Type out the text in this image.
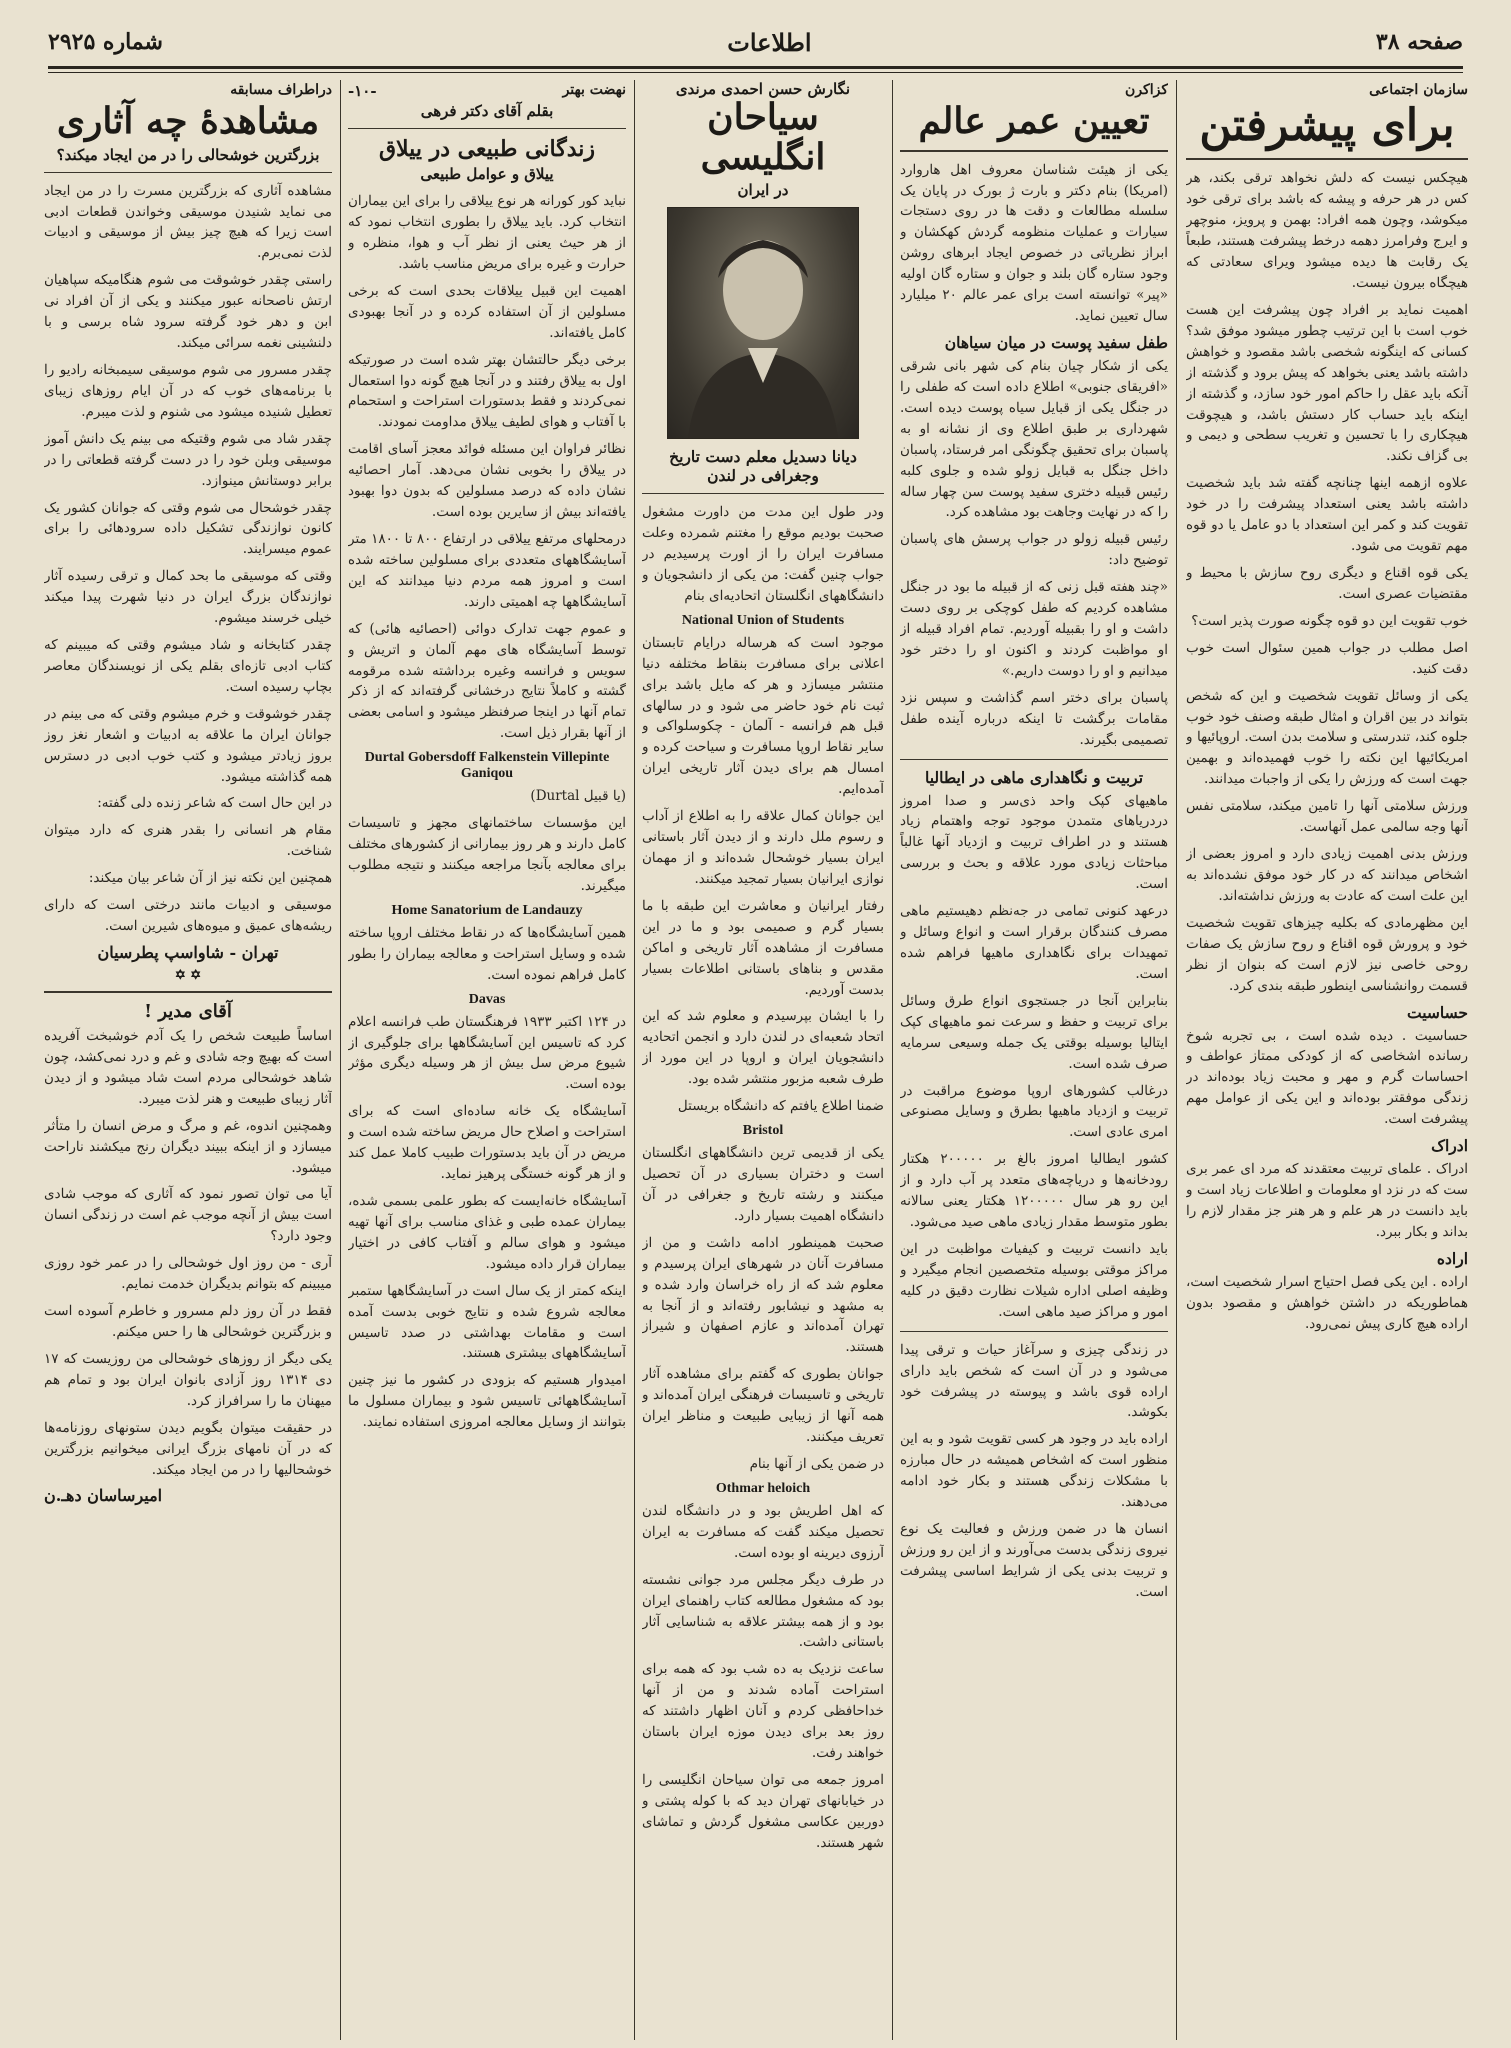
صفحه ۳۸
اطلاعات
شماره ۲۹۲۵
سازمان اجتماعی
برای پیشرفتن

هیچکس نیست که دلش نخواهد ترقی بکند، هر کس در هر حرفه و پیشه که باشد برای ترقی خود میکوشد، وچون همه افراد: بهمن و پرویز، منوچهر و ایرج وفرامرز دهمه درخط پیشرفت هستند، طبعاً یک رقابت ها دیده میشود ویرای سعادتی که هیچگاه بیرون نیست.

اهمیت نماید بر افراد چون پیشرفت این هست خوب است با این ترتیب چطور میشود موفق شد؟ کسانی که اینگونه شخصی باشد مقصود و خواهش داشته باشد یعنی بخواهد که پیش برود و گذشته از آنکه باید عقل را حاکم امور خود سازد، و گذشته از اینکه باید حساب کار دستش باشد، و هیچوقت هیچکاری را با تحسین و تغریب سطحی و دیمی و بی گزاف نکند.

علاوه ازهمه اینها چنانچه گفته شد باید شخصیت داشته باشد یعنی استعداد پیشرفت را در خود تقویت کند و کمر این استعداد با دو عامل یا دو قوه مهم تقویت می شود.

یکی قوه اقناع و دیگری روح سازش با محیط و مقتضیات عصری است.

خوب تقویت این دو قوه چگونه صورت پذیر است؟

اصل مطلب در جواب همین سئوال است خوب دقت کنید.

یکی از وسائل تقویت شخصیت و این که شخص بتواند در بین اقران و امثال طبقه وصنف خود خوب جلوه کند، تندرستی و سلامت بدن است. اروپائیها و امریکائیها این نکته را خوب فهمیده‌اند و بهمین جهت است که ورزش را یکی از واجبات میدانند.

ورزش سلامتی آنها را تامین میکند، سلامتی نفس آنها وجه سالمی عمل آنهاست.

ورزش بدنی اهمیت زیادی دارد و امروز بعضی از اشخاص میدانند که در کار خود موفق نشده‌اند به این علت است که عادت به ورزش نداشته‌اند.

این مظهرمادی که بکلیه چیزهای تقویت شخصیت خود و پرورش قوه اقناع و روح سازش یک صفات روحی خاصی نیز لازم است که بنوان از نظر قسمت روانشناسی اینطور طبقه بندی کرد.

حساسیت

حساسیت . دیده شده است ، بی تجربه شوخ رسانده اشخاصی که از کودکی ممتاز عواطف و احساسات گرم و مهر و محبت زیاد بوده‌اند در زندگی موفقتر بوده‌اند و این یکی از عوامل مهم پیشرفت است.

ادراک

ادراک . علمای تربیت معتقدند که مرد ای عمر بری ست که در نزد او معلومات و اطلاعات زیاد است و باید دانست در هر علم و هر هنر جز مقدار لازم را بداند و بکار ببرد.

اراده

اراده . این یکی فصل احتیاج اسرار شخصیت است، هماطوریکه در داشتن خواهش و مقصود بدون اراده هیچ کاری پیش نمی‌رود.

کزاکرن
تعیین عمر عالم

یکی از هیئت شناسان معروف اهل هاروارد (امریکا) بنام دکتر و بارت ژ بورک در پایان یک سلسله مطالعات و دقت ها در روی دستجات سیارات و عملیات منظومه گردش کهکشان و ابراز نظریاتی در خصوص ایجاد ابرهای روشن وجود ستاره گان بلند و جوان و ستاره گان اولیه «پیر» توانسته است برای عمر عالم ۲۰ میلیارد سال تعیین نماید.

طفل سفید پوست در میان سیاهان

یکی از شکار چیان بنام کی شهر بانی شرقی «افریقای جنوبی» اطلاع داده است که طفلی را در جنگل یکی از قبایل سیاه پوست دیده است. شهرداری بر طبق اطلاع وی از نشانه او به پاسبان برای تحقیق چگونگی امر فرستاد، پاسبان داخل جنگل به قبایل زولو شده و جلوی کلبه رئیس قبیله دختری سفید پوست سن چهار ساله را که در نهایت وجاهت بود مشاهده کرد.

رئیس قبیله زولو در جواب پرسش های پاسبان توضیح داد:

«چند هفته قبل زنی که از قبیله ما بود در جنگل مشاهده کردیم که طفل کوچکی بر روی دست داشت و او را بقبیله آوردیم. تمام افراد قبیله از او مواظبت کردند و اکنون او را دختر خود میدانیم و او را دوست داریم.»

پاسبان برای دختر اسم گذاشت و سپس نزد مقامات برگشت تا اینکه درباره آینده طفل تصمیمی بگیرند.

تربیت و نگاهداری ماهی در ایطالیا

ماهیهای کپک واحد ذی‌سر و صدا امروز دردریاهای متمدن موجود توجه واهتمام زیاد هستند و در اطراف تربیت و ازدیاد آنها غالباً مباحثات زیادی مورد علاقه و بحث و بررسی است.

درعهد کنونی تمامی در جه‌نظم دهیستیم ماهی مصرف کنندگان برقرار است و انواع وسائل و تمهیدات برای نگاهداری ماهیها فراهم شده است.

بنابراین آنجا در جستجوی انواع طرق وسائل برای تربیت و حفظ و سرعت نمو ماهیهای کپک ایتالیا بوسیله بوقتی یک جمله وسیعی سرمایه صرف شده است.

درغالب کشورهای اروپا موضوع مراقبت در تربیت و ازدیاد ماهیها بطرق و وسایل مصنوعی امری عادی است.

کشور ایطالیا امروز بالغ بر ۲۰۰۰۰۰ هکتار رودخانه‌ها و دریاچه‌های متعدد پر آب دارد و از این رو هر سال ۱۲۰۰۰۰۰ هکتار یعنی سالانه بطور متوسط مقدار زیادی ماهی صید می‌شود.

باید دانست تربیت و کیفیات مواظبت در این مراکز موقتی بوسیله متخصصین انجام میگیرد و وظیفه اصلی اداره شیلات نظارت دقیق در کلیه امور و مراکز صید ماهی است.

در زندگی چیزی و سرآغاز حیات و ترقی پیدا می‌شود و در آن است که شخص باید دارای اراده قوی باشد و پیوسته در پیشرفت خود بکوشد.

اراده باید در وجود هر کسی تقویت شود و به این منظور است که اشخاص همیشه در حال مبارزه با مشکلات زندگی هستند و بکار خود ادامه می‌دهند.

انسان ها در ضمن ورزش و فعالیت یک نوع نیروی زندگی بدست می‌آورند و از این رو ورزش و تربیت بدنی یکی از شرایط اساسی پیشرفت است.

نگارش حسن احمدی مرندی
سیاحان انگلیسی
در ایران
دیانا دسدیل معلم دست تاریخ وجغرافی در لندن

ودر طول این مدت من داورت مشغول صحبت بودیم موقع را مغتنم شمرده وعلت مسافرت ایران را از اورت پرسیدیم در جواب چنین گفت: من یکی از دانشجویان و دانشگاههای انگلستان اتحادیه‌ای بنام

National Union of Students

موجود است که هرساله درایام تابستان اعلانی برای مسافرت بنقاط مختلفه دنیا منتشر میسازد و هر که مایل باشد برای ثبت نام خود حاضر می شود و در سالهای قبل هم فرانسه - آلمان - چکوسلواکی و سایر نقاط اروپا مسافرت و سیاحت کرده و امسال هم برای دیدن آثار تاریخی ایران آمده‌ایم.

این جوانان کمال علاقه را به اطلاع از آداب و رسوم ملل دارند و از دیدن آثار باستانی ایران بسیار خوشحال شده‌اند و از مهمان نوازی ایرانیان بسیار تمجید میکنند.

رفتار ایرانیان و معاشرت این طبقه با ما بسیار گرم و صمیمی بود و ما در این مسافرت از مشاهده آثار تاریخی و اماکن مقدس و بناهای باستانی اطلاعات بسیار بدست آوردیم.

را با ایشان بپرسیدم و معلوم شد که این اتحاد شعبه‌ای در لندن دارد و انجمن اتحادیه دانشجویان ایران و اروپا در این مورد از طرف شعبه مزبور منتشر شده بود.

ضمنا اطلاع یافتم که دانشگاه بریستل

Bristol

یکی از قدیمی ترین دانشگاههای انگلستان است و دختران بسیاری در آن تحصیل میکنند و رشته تاریخ و جغرافی در آن دانشگاه اهمیت بسیار دارد.

صحبت همینطور ادامه داشت و من از مسافرت آنان در شهرهای ایران پرسیدم و معلوم شد که از راه خراسان وارد شده و به مشهد و نیشابور رفته‌اند و از آنجا به تهران آمده‌اند و عازم اصفهان و شیراز هستند.

جوانان بطوری که گفتم برای مشاهده آثار تاریخی و تاسیسات فرهنگی ایران آمده‌اند و همه آنها از زیبایی طبیعت و مناظر ایران تعریف میکنند.

در ضمن یکی از آنها بنام

Othmar heloich

که اهل اطریش بود و در دانشگاه لندن تحصیل میکند گفت که مسافرت به ایران آرزوی دیرینه او بوده است.

در طرف دیگر مجلس مرد جوانی نشسته بود که مشغول مطالعه کتاب راهنمای ایران بود و از همه بیشتر علاقه به شناسایی آثار باستانی داشت.

ساعت نزدیک به ده شب بود که همه برای استراحت آماده شدند و من از آنها خداحافظی کردم و آنان اظهار داشتند که روز بعد برای دیدن موزه ایران باستان خواهند رفت.

امروز جمعه می‌ توان سیاحان انگلیسی را در خیابانهای تهران دید که با کوله پشتی و دوربین عکاسی مشغول گردش و تماشای شهر هستند.

نهضت بهتر
-۱۰-
بقلم آقای دکتر فرهی
زندگانی طبیعی در ییلاق
ییلاق و عوامل طبیعی

نباید کور کورانه هر نوع ییلاقی را برای این بیماران انتخاب کرد. باید ییلاق را بطوری انتخاب نمود که از هر حیث یعنی از نظر آب و هوا، منظره و حرارت و غیره برای مریض مناسب باشد.

اهمیت این قبیل ییلاقات بحدی است که برخی مسلولین از آن استفاده کرده و در آنجا بهبودی کامل یافته‌اند.

برخی دیگر حالتشان بهتر شده است در صورتیکه اول به ییلاق رفتند و در آنجا هیچ گونه دوا استعمال نمی‌کردند و فقط بدستورات استراحت و استحمام با آفتاب و هوای لطیف ییلاق مداومت نمودند.

نظائر فراوان این مسئله فوائد معجز آسای اقامت در ییلاق را بخوبی نشان می‌دهد. آمار احصائیه نشان داده که درصد مسلولین که بدون دوا بهبود یافته‌اند بیش از سایرین بوده است.

درمحلهای مرتفع ییلاقی در ارتفاع ۸۰۰ تا ۱۸۰۰ متر آسایشگاههای متعددی برای مسلولین ساخته شده است و امروز همه مردم دنیا میدانند که این آسایشگاهها چه اهمیتی دارند.

و عموم جهت تدارک دوائی (احصائیه هائی) که توسط آسایشگاه های مهم آلمان و اتریش و سویس و فرانسه وغیره برداشته شده مرقومه گشته و کاملاً نتایج درخشانی گرفته‌اند که از ذکر تمام آنها در اینجا صرفنظر میشود و اسامی بعضی از آنها بقرار ذیل است.

Durtal Gobersdoff Falkenstein Villepinte Ganiqou

(یا قبیل Durtal)

این مؤسسات ساختمانهای مجهز و تاسیسات کامل دارند و هر روز بیمارانی از کشورهای مختلف برای معالجه بآنجا مراجعه میکنند و نتیجه مطلوب میگیرند.

Home Sanatorium de Landauzy

همین آسایشگاه‌ها که در نقاط مختلف اروپا ساخته شده و وسایل استراحت و معالجه بیماران را بطور کامل فراهم نموده است.

Davas

در ۱۲۴ اکتبر ۱۹۳۳ فرهنگستان طب فرانسه اعلام کرد که تاسیس این آسایشگاهها برای جلوگیری از شیوع مرض سل بیش از هر وسیله دیگری مؤثر بوده است.

آسایشگاه یک خانه ساده‌ای است که برای استراحت و اصلاح حال مریض ساخته شده است و مریض در آن باید بدستورات طبیب کاملا عمل کند و از هر گونه خستگی پرهیز نماید.

آسایشگاه خانه‌ایست که بطور علمی بسمی شده، بیماران عمده طبی و غذای مناسب برای آنها تهیه میشود و هوای سالم و آفتاب کافی در اختیار بیماران قرار داده میشود.

اینکه کمتر از یک سال است در آسایشگاهها ستمبر معالجه شروع شده و نتایج خوبی بدست آمده است و مقامات بهداشتی در صدد تاسیس آسایشگاههای بیشتری هستند.

امیدوار هستیم که بزودی در کشور ما نیز چنین آسایشگاههائی تاسیس شود و بیماران مسلول ما بتوانند از وسایل معالجه امروزی استفاده نمایند.

دراطراف مسابقه
مشاهدهٔ چه آثاری
بزرگترین خوشحالی را در من ایجاد میکند؟

مشاهده آثاری که بزرگترین مسرت را در من ایجاد می نماید شنیدن موسیقی وخواندن قطعات ادبی است زیرا که هیچ چیز بیش از موسیقی و ادبیات لذت نمی‌برم.

راستی چقدر خوشوقت می شوم هنگامیکه سپاهیان ارتش ناصحانه عبور میکنند و یکی از آن افراد نی ابن و دهر خود گرفته سرود شاه برسی و با دلنشینی نغمه سرائی میکند.

چقدر مسرور می شوم موسیقی سیمبخانه رادیو را با برنامه‌های خوب که در آن ایام روزهای زیبای تعطیل شنیده میشود می شنوم و لذت میبرم.

چقدر شاد می شوم وقتیکه می بینم یک دانش آموز موسیقی وبلن خود را در دست گرفته قطعاتی را در برابر دوستانش مینوازد.

چقدر خوشحال می شوم وقتی که جوانان کشور یک کانون نوازندگی تشکیل داده سرودهائی را برای عموم میسرایند.

وقتی که موسیقی ما بحد کمال و ترقی رسیده آثار نوازندگان بزرگ ایران در دنیا شهرت پیدا میکند خیلی خرسند میشوم.

چقدر کتابخانه و شاد میشوم وقتی که میبینم که کتاب ادبی تازه‌ای بقلم یکی از نویسندگان معاصر بچاپ رسیده است.

چقدر خوشوقت و خرم میشوم وقتی که می بینم در جوانان ایران ما علاقه به ادبیات و اشعار نغز روز بروز زیادتر میشود و کتب خوب ادبی در دسترس همه گذاشته میشود.

در این حال است که شاعر زنده دلی گفته:

مقام هر انسانی را بقدر هنری که دارد میتوان شناخت.

همچنین این نکته نیز از آن شاعر بیان میکند:

موسیقی و ادبیات مانند درختی است که دارای ریشه‌های عمیق و میوه‌های شیرین است.

تهران - شاواسپ پطرسیان
✡ ✡
آقای مدیر !

اساساً طبیعت شخص را یک آدم خوشبخت آفریده است که بهیچ وجه شادی و غم و درد نمی‌کشد، چون شاهد خوشحالی مردم است شاد میشود و از دیدن آثار زیبای طبیعت و هنر لذت میبرد.

وهمچنین اندوه، غم و مرگ و مرض انسان را متأثر میسازد و از اینکه ببیند دیگران رنج میکشند ناراحت میشود.

آیا می توان تصور نمود که آثاری که موجب شادی است بیش از آنچه موجب غم است در زندگی انسان وجود دارد؟

آری - من روز اول خوشحالی را در عمر خود روزی میبینم که بتوانم بدیگران خدمت نمایم.

فقط در آن روز دلم مسرور و خاطرم آسوده است و بزرگترین خوشحالی ها را حس میکنم.

یکی دیگر از روزهای خوشحالی من روزیست که ۱۷ دی ۱۳۱۴ روز آزادی بانوان ایران بود و تمام هم میهنان ما را سرافراز کرد.

در حقیقت میتوان بگویم دیدن ستونهای روزنامه‌ها که در آن نامهای بزرگ ایرانی میخوانیم بزرگترین خوشحالیها را در من ایجاد میکند.

امیرساسان دهـ.ن
